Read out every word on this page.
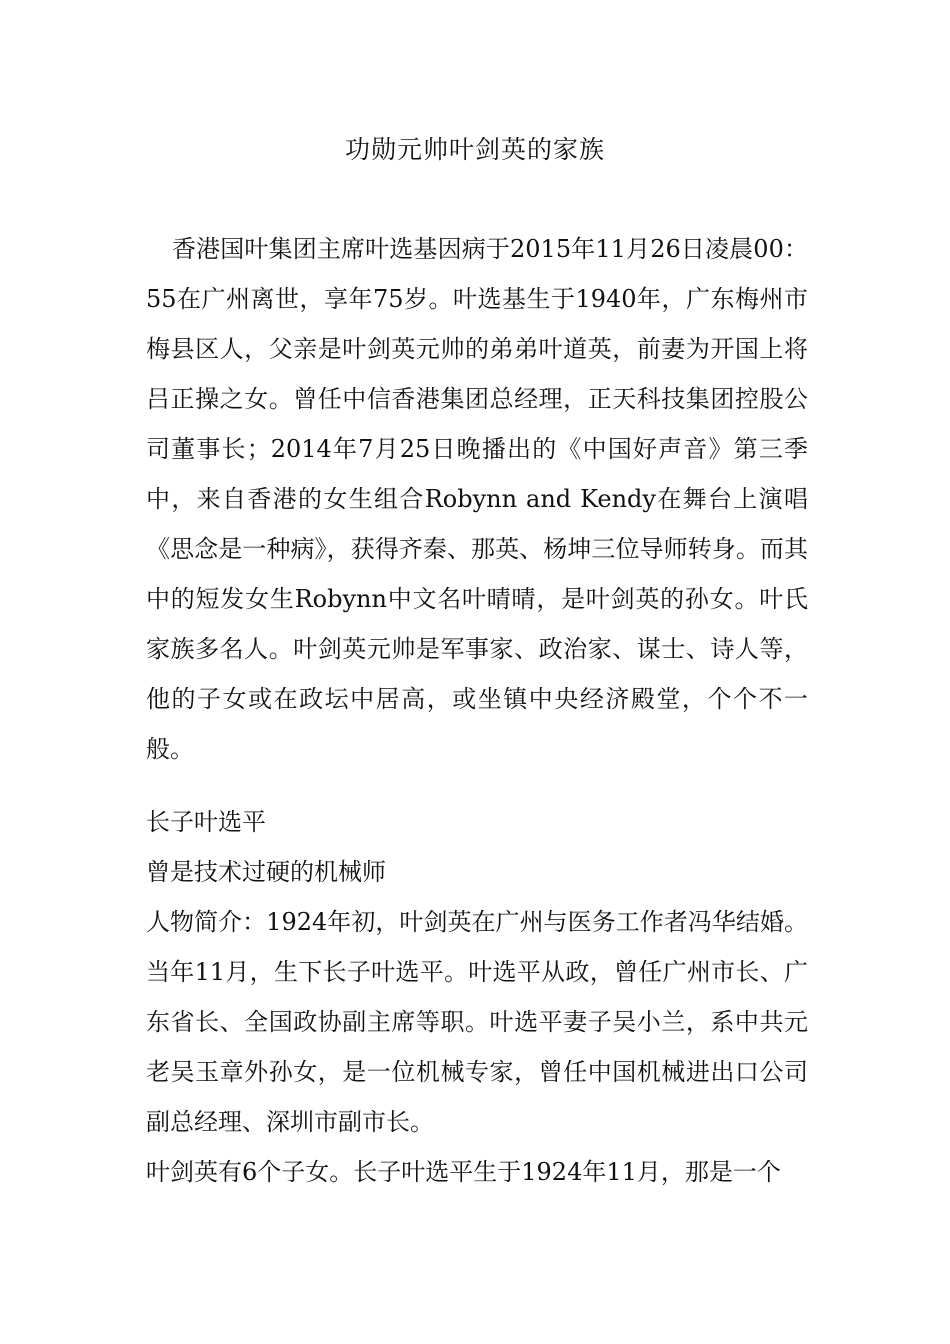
功勋元帅叶剑英的家族
香港国叶集团主席叶选基因病于2015年11月26日凌晨00：55在广州离世，享年75岁。叶选基生于1940年，广东梅州市梅县区人，父亲是叶剑英元帅的弟弟叶道英，前妻为开国上将吕正操之女。曾任中信香港集团总经理，正天科技集团控股公司董事长；2014年7月25日晚播出的《中国好声音》第三季中，来自香港的女生组合Robynn and Kendy在舞台上演唱《思念是一种病》，获得齐秦、那英、杨坤三位导师转身。而其中的短发女生Robynn中文名叶晴晴，是叶剑英的孙女。叶氏家族多名人。叶剑英元帅是军事家、政治家、谋士、诗人等，他的子女或在政坛中居高，或坐镇中央经济殿堂，个个不一般。

长子叶选平

曾是技术过硬的机械师

人物简介：1924年初，叶剑英在广州与医务工作者冯华结婚。当年11月，生下长子叶选平。叶选平从政，曾任广州市长、广东省长、全国政协副主席等职。叶选平妻子吴小兰，系中共元老吴玉章外孙女，是一位机械专家，曾任中国机械进出口公司副总经理、深圳市副市长。

叶剑英有6个子女。长子叶选平生于1924年11月，那是一个
